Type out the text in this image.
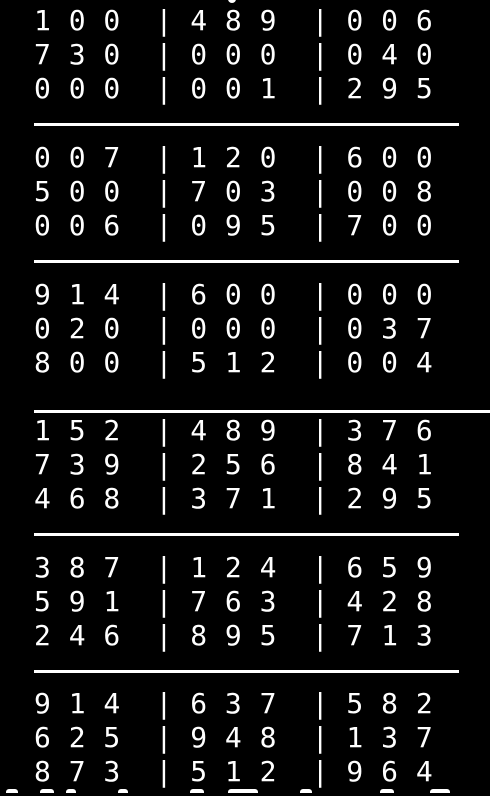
1 0 0  | 4 8 9  | 0 0 6
7 3 0  | 0 0 0  | 0 4 0
0 0 0  | 0 0 1  | 2 9 5
0 0 7  | 1 2 0  | 6 0 0
5 0 0  | 7 0 3  | 0 0 8
0 0 6  | 0 9 5  | 7 0 0
9 1 4  | 6 0 0  | 0 0 0
0 2 0  | 0 0 0  | 0 3 7
8 0 0  | 5 1 2  | 0 0 4
1 5 2  | 4 8 9  | 3 7 6
7 3 9  | 2 5 6  | 8 4 1
4 6 8  | 3 7 1  | 2 9 5
3 8 7  | 1 2 4  | 6 5 9
5 9 1  | 7 6 3  | 4 2 8
2 4 6  | 8 9 5  | 7 1 3
9 1 4  | 6 3 7  | 5 8 2
6 2 5  | 9 4 8  | 1 3 7
8 7 3  | 5 1 2  | 9 6 4
